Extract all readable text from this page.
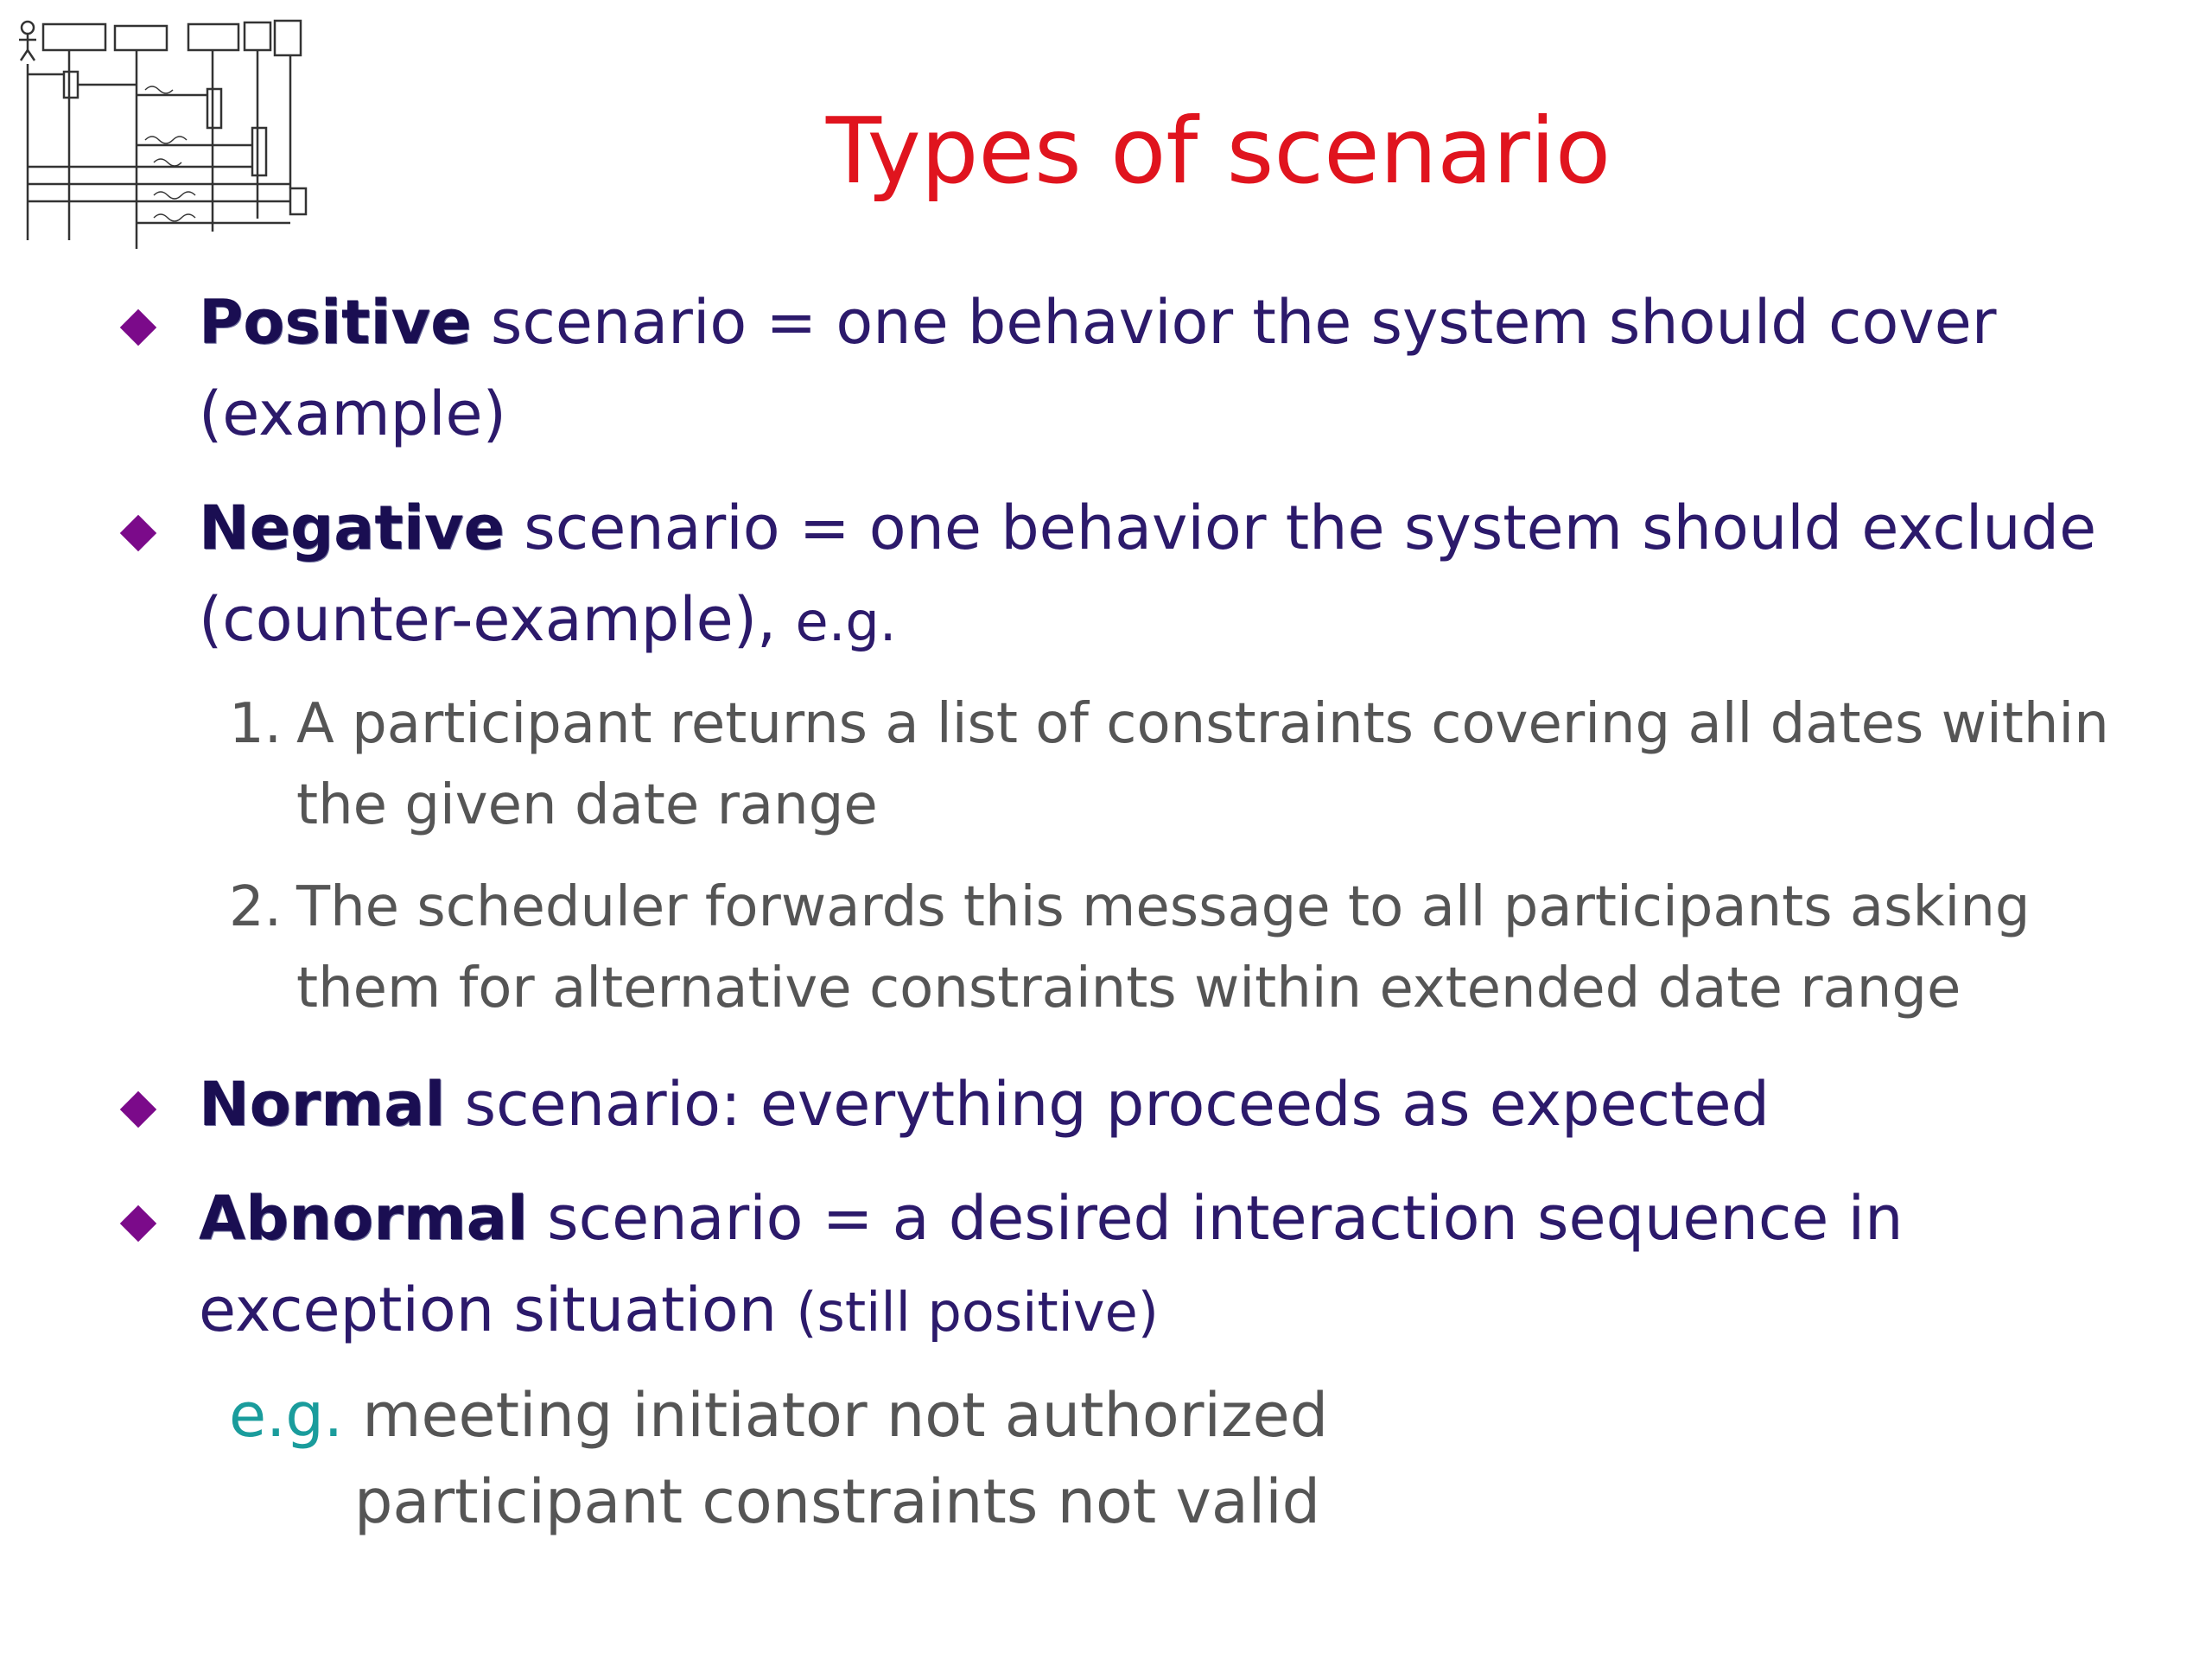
Types of scenario
Positive scenario = one behavior the system should cover (example)
Negative scenario = one behavior the system should exclude (counter-example), e.g.
1. A participant returns a list of constraints covering all dates within the given date range
2. The scheduler forwards this message to all participants asking them for alternative constraints within extended date range
Normal scenario: everything proceeds as expected
Abnormal scenario = a desired interaction sequence in exception situation (still positive)
e.g. meeting initiator not authorized
participant constraints not valid
